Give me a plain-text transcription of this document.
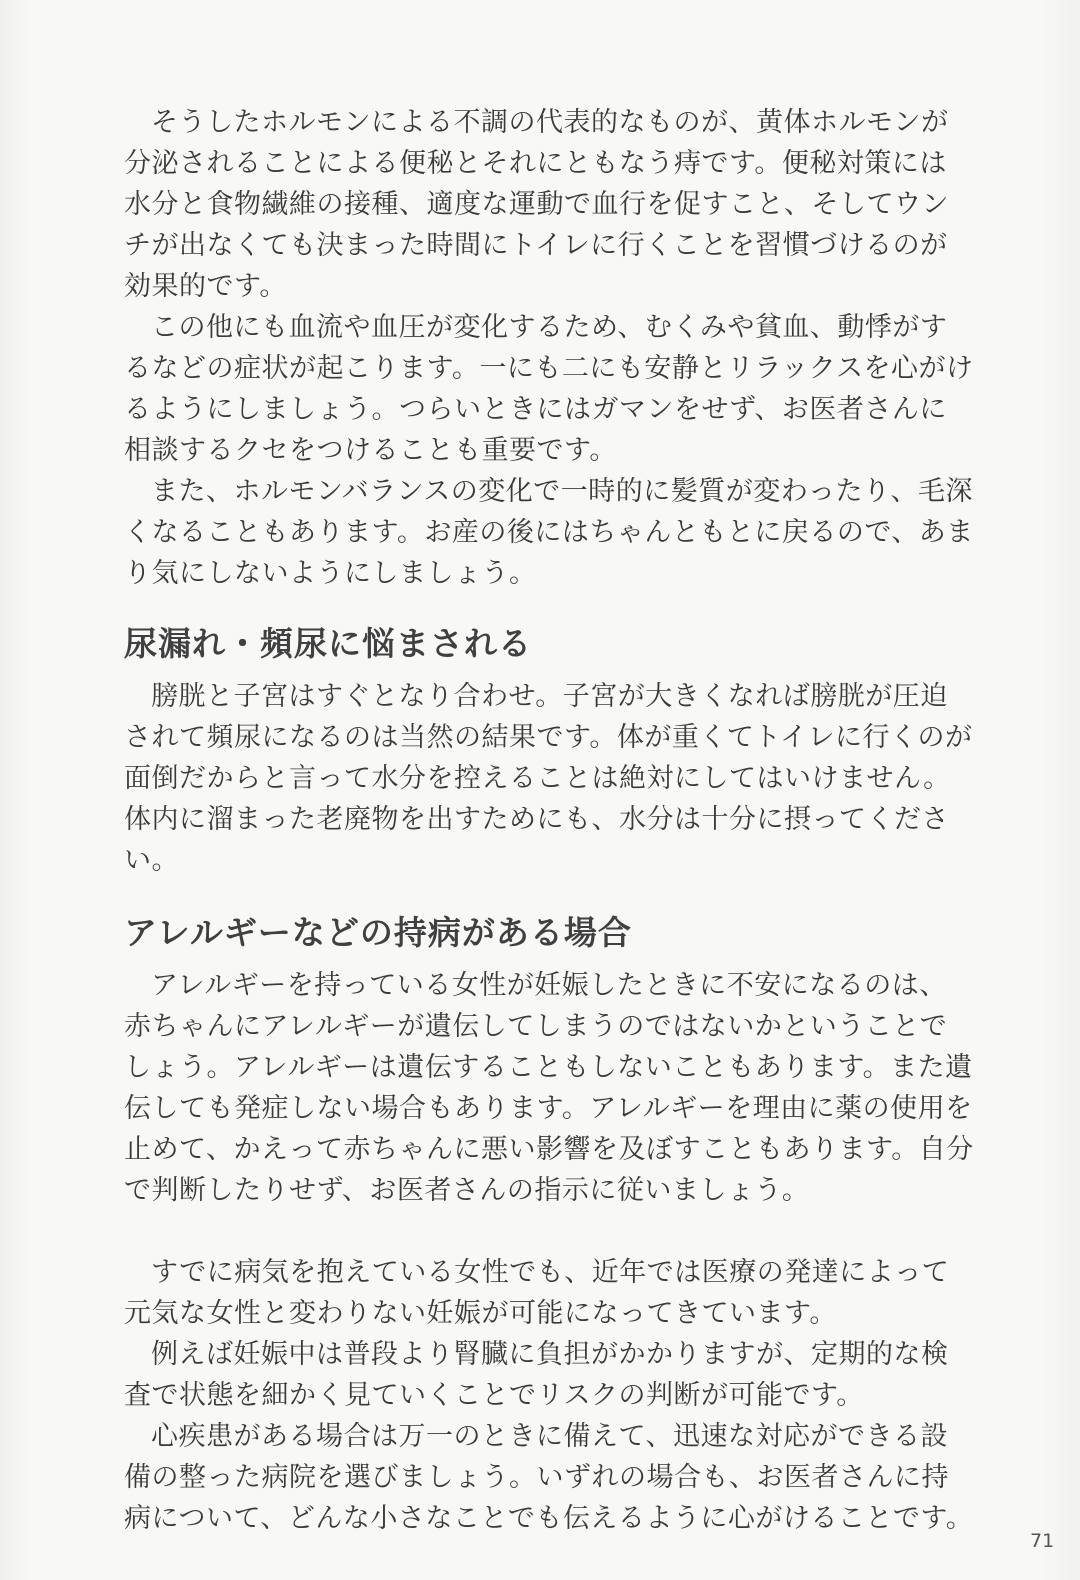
そうしたホルモンによる不調の代表的なものが、黄体ホルモンが分泌されることによる便秘とそれにともなう痔です。便秘対策には水分と食物繊維の接種、適度な運動で血行を促すこと、そしてウンチが出なくても決まった時間にトイレに行くことを習慣づけるのが効果的です。

この他にも血流や血圧が変化するため、むくみや貧血、動悸がするなどの症状が起こります。一にも二にも安静とリラックスを心がけるようにしましょう。つらいときにはガマンをせず、お医者さんに相談するクセをつけることも重要です。

また、ホルモンバランスの変化で一時的に髪質が変わったり、毛深くなることもあります。お産の後にはちゃんともとに戻るので、あまり気にしないようにしましょう。

尿漏れ・頻尿に悩まされる

膀胱と子宮はすぐとなり合わせ。子宮が大きくなれば膀胱が圧迫されて頻尿になるのは当然の結果です。体が重くてトイレに行くのが面倒だからと言って水分を控えることは絶対にしてはいけません。体内に溜まった老廃物を出すためにも、水分は十分に摂ってください。

アレルギーなどの持病がある場合

アレルギーを持っている女性が妊娠したときに不安になるのは、赤ちゃんにアレルギーが遺伝してしまうのではないかということでしょう。アレルギーは遺伝することもしないこともあります。また遺伝しても発症しない場合もあります。アレルギーを理由に薬の使用を止めて、かえって赤ちゃんに悪い影響を及ぼすこともあります。自分で判断したりせず、お医者さんの指示に従いましょう。

すでに病気を抱えている女性でも、近年では医療の発達によって元気な女性と変わりない妊娠が可能になってきています。

例えば妊娠中は普段より腎臓に負担がかかりますが、定期的な検査で状態を細かく見ていくことでリスクの判断が可能です。

心疾患がある場合は万一のときに備えて、迅速な対応ができる設備の整った病院を選びましょう。いずれの場合も、お医者さんに持病について、どんな小さなことでも伝えるように心がけることです。

71
